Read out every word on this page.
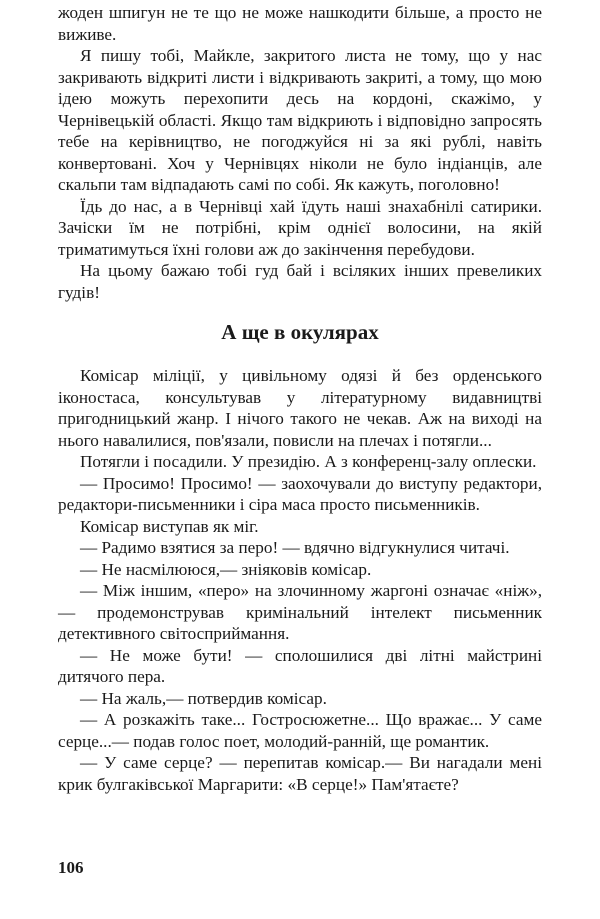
жоден шпигун не те що не може нашкодити більше, а просто не виживе.

Я пишу тобі, Майкле, закритого листа не тому, що у нас закривають відкриті листи і відкривають закриті, а тому, що мою ідею можуть перехопити десь на кордоні, скажімо, у Чернівецькій області. Якщо там відкриють і відповідно запросять тебе на керівництво, не погоджуйся ні за які рублі, навіть конвертовані. Хоч у Чернівцях ніколи не було індіанців, але скальпи там відпадають самі по собі. Як кажуть, поголовно!

Їдь до нас, а в Чернівці хай їдуть наші знахабнілі сатирики. Зачіски їм не потрібні, крім однієї волосини, на якій триматимуться їхні голови аж до закінчення перебудови.

На цьому бажаю тобі гуд бай і всіляких інших превеликих гудів!

А ще в окулярах

Комісар міліції, у цивільному одязі й без орденського іконостаса, консультував у літературному видавництві пригодницький жанр. І нічого такого не чекав. Аж на виході на нього навалилися, пов'язали, повисли на плечах і потягли...

Потягли і посадили. У президію. А з конференц-залу оплески.

— Просимо! Просимо! — заохочували до виступу редактори, редактори-письменники і сіра маса просто письменників.

Комісар виступав як міг.

— Радимо взятися за перо! — вдячно відгукнулися читачі.

— Не насмілююся,— зніяковів комісар.

— Між іншим, «перо» на злочинному жаргоні означає «ніж»,— продемонстрував кримінальний інтелект письменник детективного світосприймання.

— Не може бути! — сполошилися дві літні майстрині дитячого пера.

— На жаль,— потвердив комісар.

— А розкажіть таке... Гостросюжетне... Що вражає... У саме серце...— подав голос поет, молодий-ранній, ще романтик.

— У саме серце? — перепитав комісар.— Ви нагадали мені крик булгаківської Маргарити: «В серце!» Пам'ятаєте?

106
